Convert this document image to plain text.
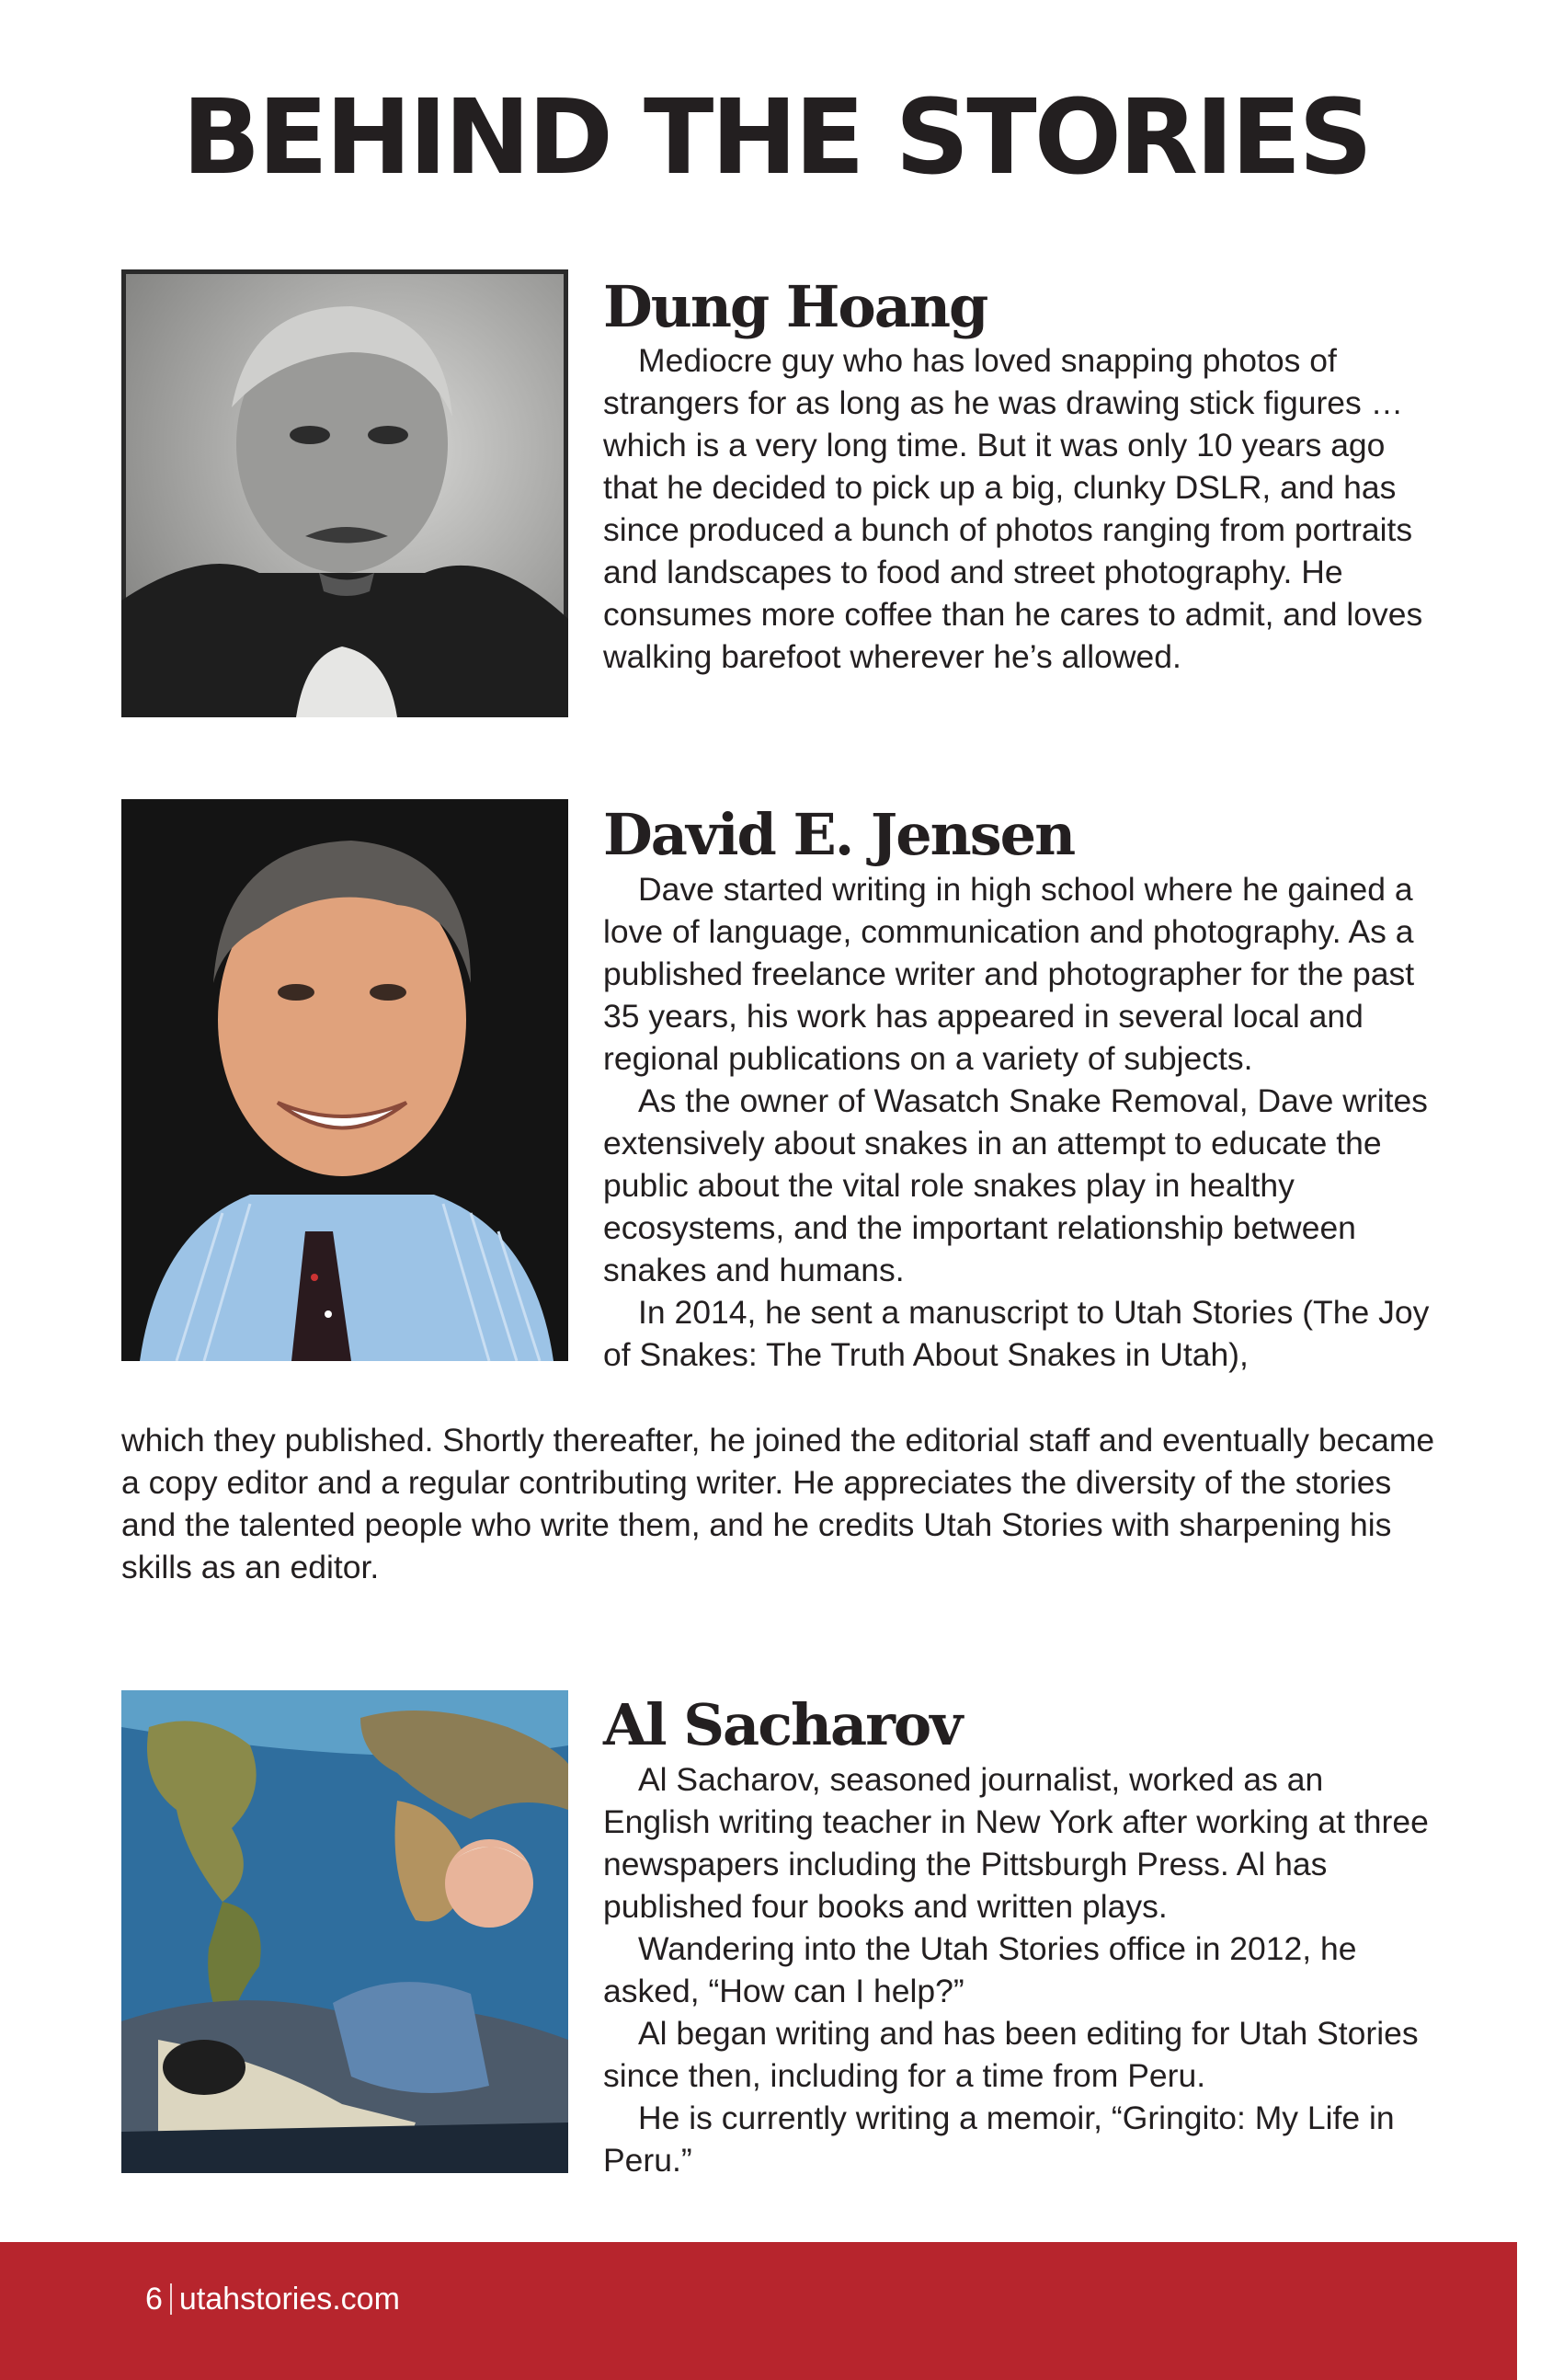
BEHIND THE STORIES
Dung Hoang

Mediocre guy who has loved snapping photos of strangers for as long as he was drawing stick figures … which is a very long time. But it was only 10 years ago that he decided to pick up a big, clunky DSLR, and has since produced a bunch of photos ranging from portraits and landscapes to food and street photography. He consumes more coffee than he cares to admit, and loves walking barefoot wherever he’s allowed.

David E. Jensen

Dave started writing in high school where he gained a love of language, communication and photography. As a published freelance writer and photographer for the past 35 years, his work has appeared in several local and regional publications on a variety of subjects.

As the owner of Wasatch Snake Removal, Dave writes extensively about snakes in an attempt to educate the public about the vital role snakes play in healthy ecosystems, and the important relationship between snakes and humans.

In 2014, he sent a manuscript to Utah Stories (The Joy of Snakes: The Truth About Snakes in Utah),

which they published. Shortly thereafter, he joined the editorial staff and eventually became a copy editor and a regular contributing writer. He appreciates the diversity of the stories and the talented people who write them, and he credits Utah Stories with sharpening his skills as an editor.

Al Sacharov

Al Sacharov, seasoned journalist, worked as an English writing teacher in New York after working at three newspapers including the Pittsburgh Press. Al has published four books and written plays.

Wandering into the Utah Stories office in 2012, he asked, “How can I help?”

Al began writing and has been editing for Utah Stories since then, including for a time from Peru.

He is currently writing a memoir, “Gringito: My Life in Peru.”

6 utahstories.com
